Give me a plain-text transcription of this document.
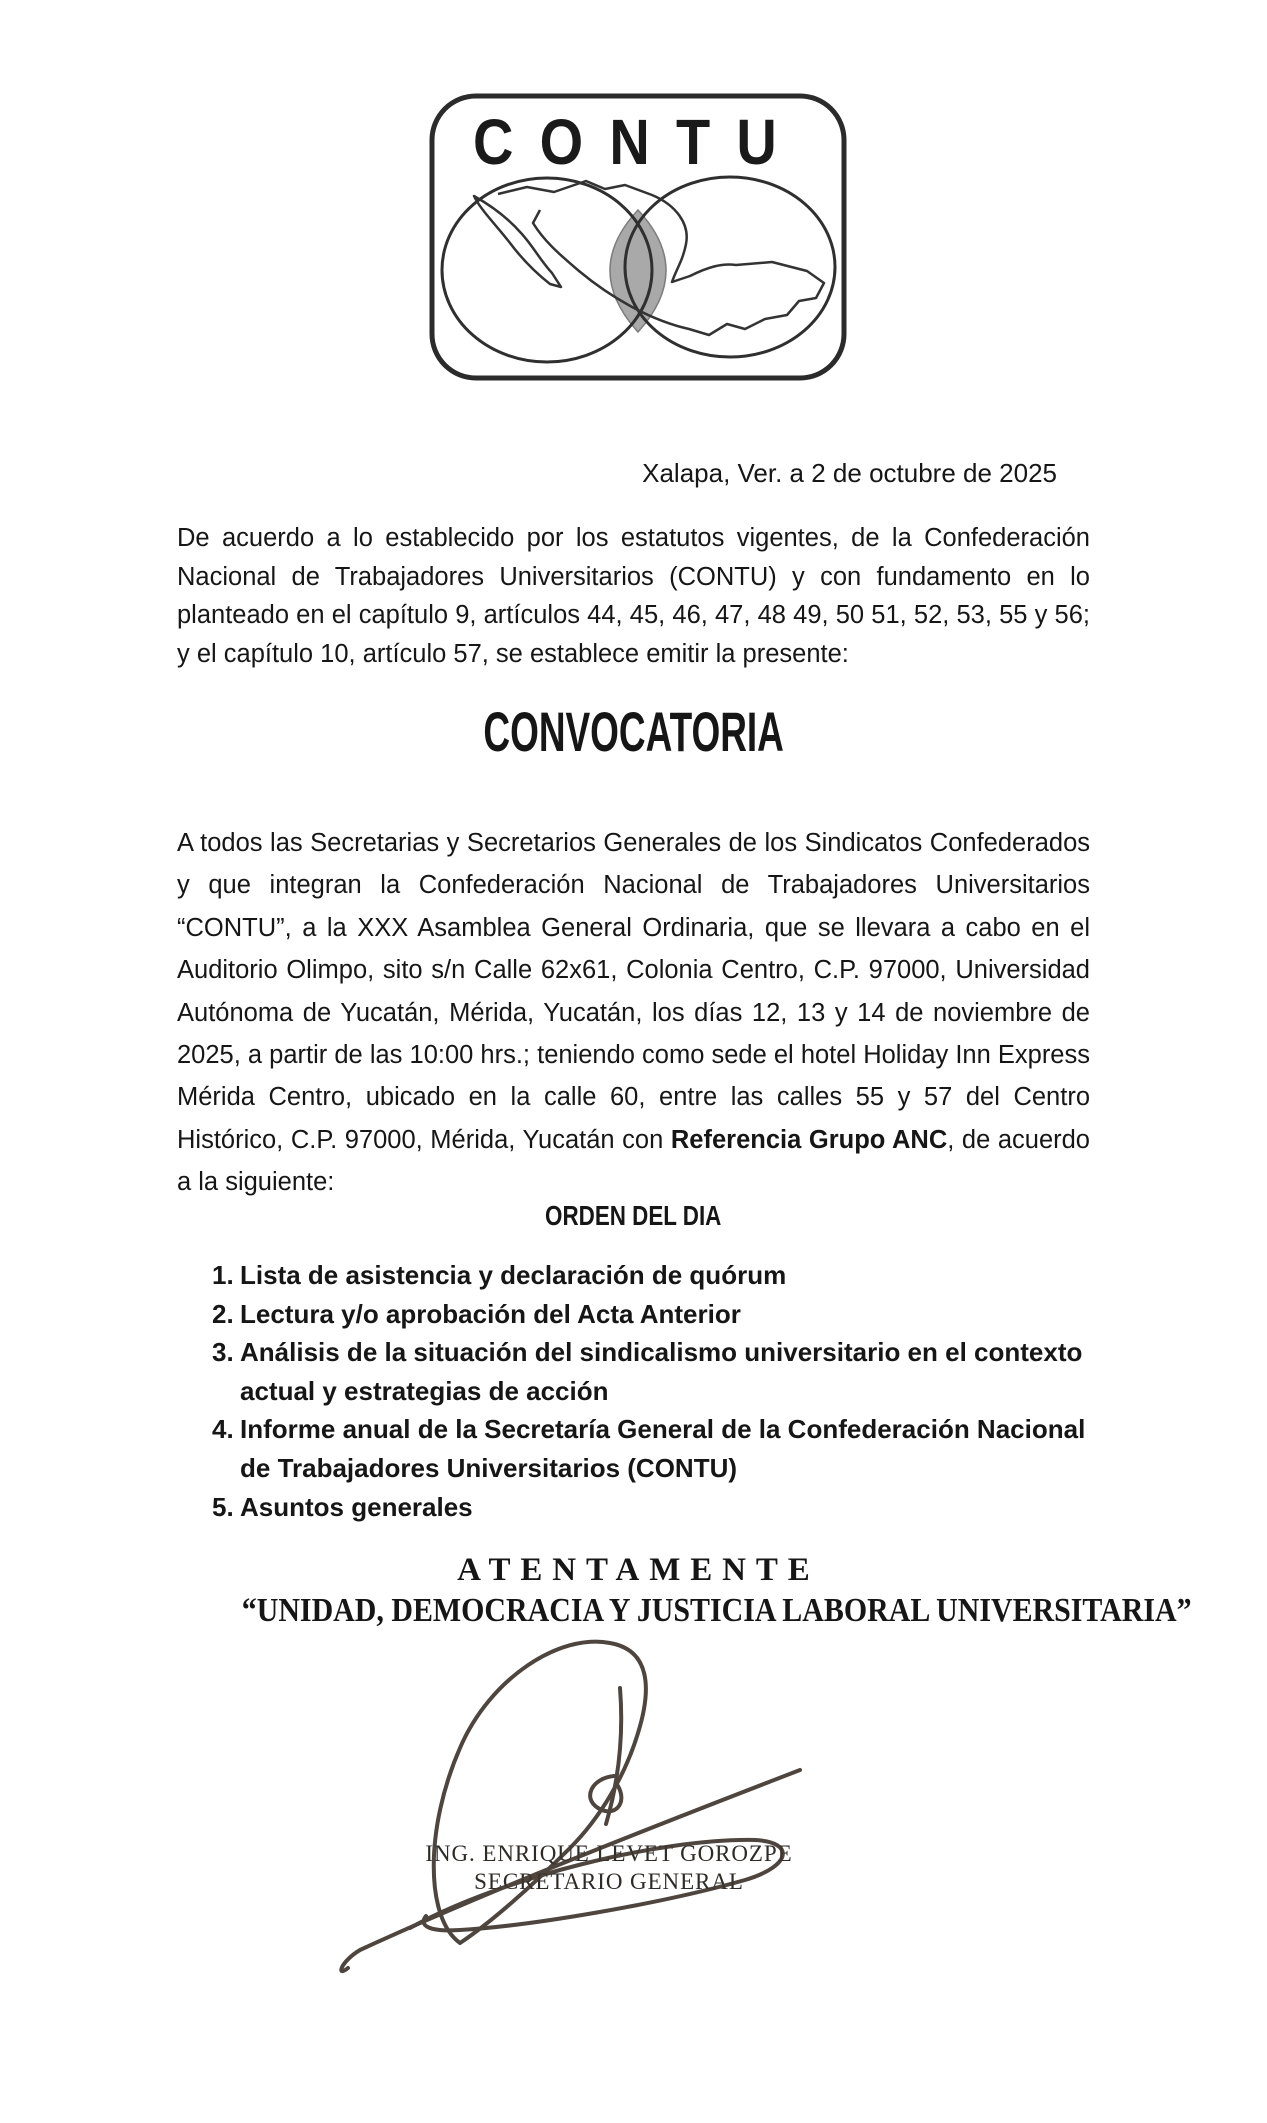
CONTU
Xalapa, Ver. a 2 de octubre de 2025

De acuerdo a lo establecido por los estatutos vigentes, de la Confederación Nacional de Trabajadores Universitarios (CONTU) y con fundamento en lo planteado en el capítulo 9, artículos 44, 45, 46, 47, 48 49, 50 51, 52, 53, 55 y 56; y el capítulo 10, artículo 57, se establece emitir la presente:

CONVOCATORIA

A todos las Secretarias y Secretarios Generales de los Sindicatos Confederados y que integran la Confederación Nacional de Trabajadores Universitarios “CONTU”, a la XXX Asamblea General Ordinaria, que se llevara a cabo en el Auditorio Olimpo, sito s/n Calle 62x61, Colonia Centro, C.P. 97000, Universidad Autónoma de Yucatán, Mérida, Yucatán, los días 12, 13 y 14 de noviembre de 2025, a partir de las 10:00 hrs.; teniendo como sede el hotel Holiday Inn Express Mérida Centro, ubicado en la calle 60, entre las calles 55 y 57 del Centro Histórico, C.P. 97000, Mérida, Yucatán con Referencia Grupo ANC, de acuerdo a la siguiente:

ORDEN DEL DIA
1. Lista de asistencia y declaración de quórum
2. Lectura y/o aprobación del Acta Anterior
3. Análisis de la situación del sindicalismo universitario en el contexto actual y estrategias de acción
4. Informe anual de la Secretaría General de la Confederación Nacional de Trabajadores Universitarios (CONTU)
5. Asuntos generales
ATENTAMENTE
“UNIDAD, DEMOCRACIA Y JUSTICIA LABORAL UNIVERSITARIA”
ING. ENRIQUE LEVET GOROZPE
SECRETARIO GENERAL
